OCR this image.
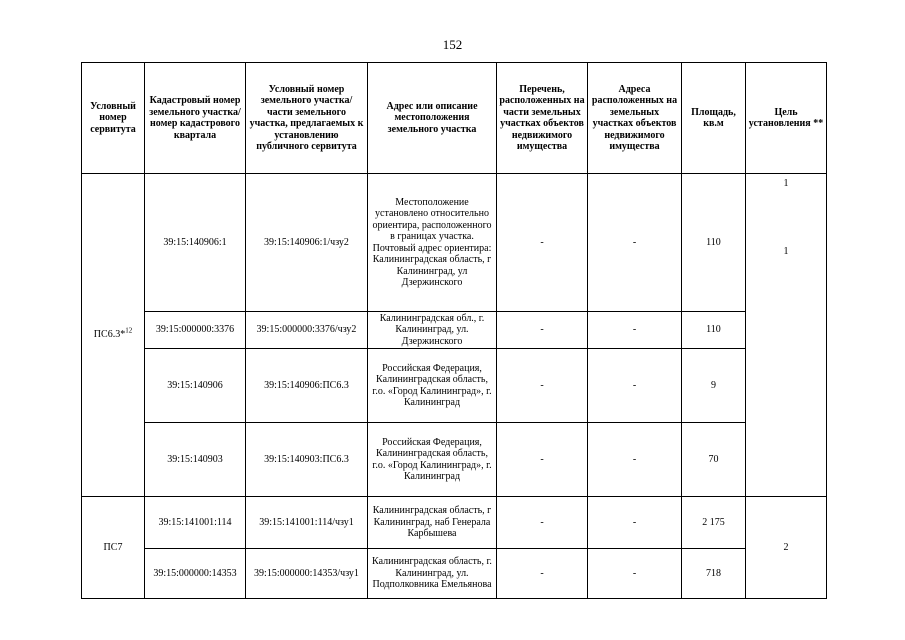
152
Условный номер сервитута	Кадастровый номер земельного участка/номер кадастрового квартала	Условный номер земельного участка/части земельного участка, предлагаемых к установлению публичного сервитута	Адрес или описание местоположения земельного участка	Перечень, расположенных на части земельных участках объектов недвижимого имущества	Адреса расположенных на земельных участках объектов недвижимого имущества	Площадь, кв.м	Цель установления **
ПС6.3*$^{12}$	39:15:140906:1	39:15:140906:1/чзу2	Местоположение установлено относительно ориентира, расположенного в границах участка. Почтовый адрес ориентира: Калининградская область, г Калининград, ул Дзержинского	-	-	110	1
1

	39:15:000000:3376	39:15:000000:3376/чзу2	Калининградская обл., г. Калининград, ул. Дзержинского	-	-	110	
	39:15:140906	39:15:140906:ПС6.3	Российская Федерация, Калининградская область, г.о. «Город Калининград», г. Калининград	-	-	9	
	39:15:140903	39:15:140903:ПС6.3	Российская Федерация, Калининградская область, г.о. «Город Калининград», г. Калининград	-	-	70	
ПС7	39:15:141001:114	39:15:141001:114/чзу1	Калининградская область, г Калининград, наб Генерала Карбышева	-	-	2 175	2
	39:15:000000:14353	39:15:000000:14353/чзу1	Калининградская область, г. Калининград, ул. Подполковника Емельянова	-	-	718	
